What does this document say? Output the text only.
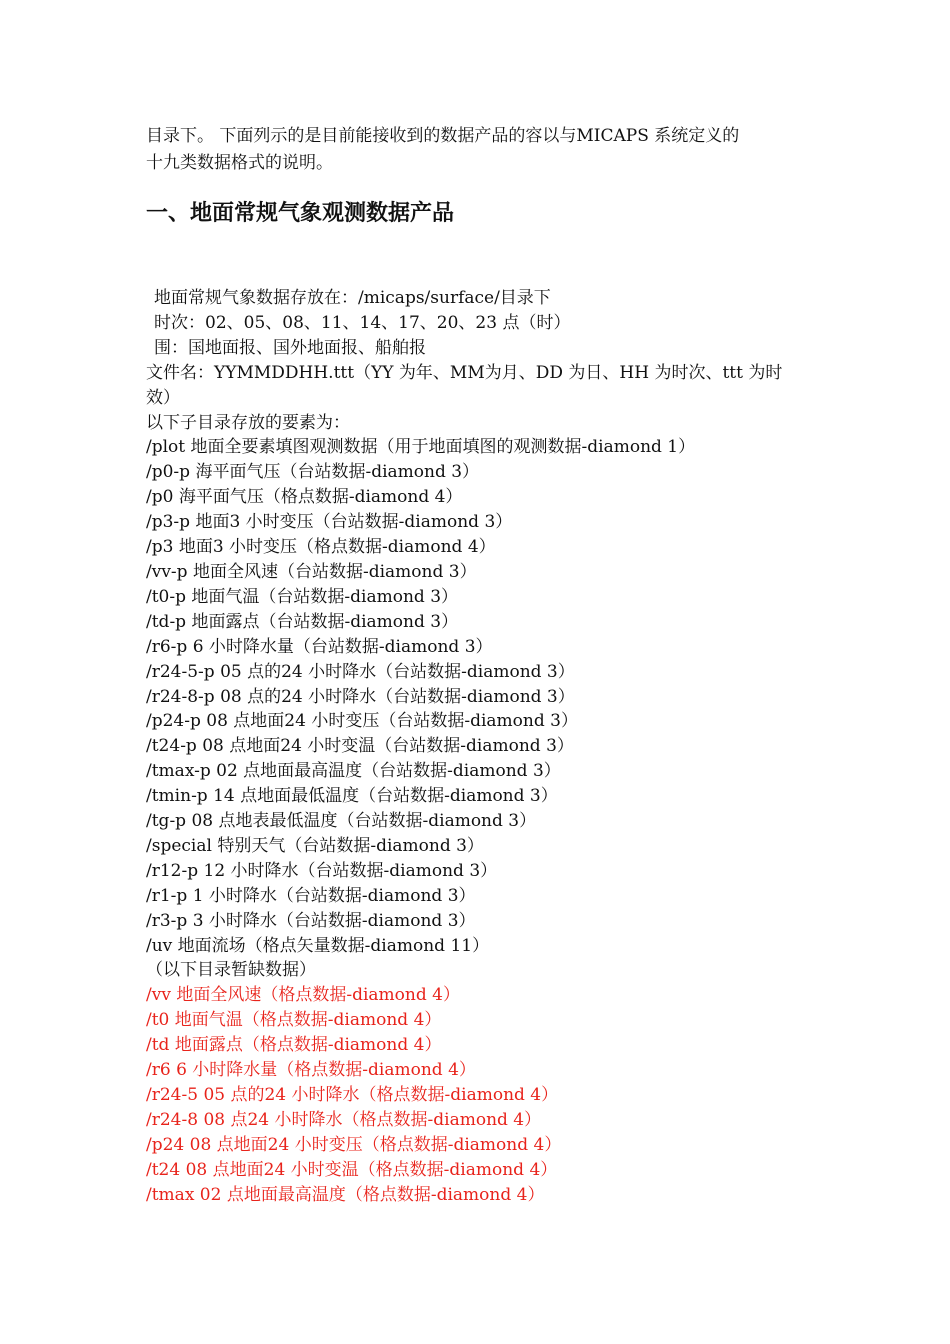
目录下。 下面列示的是目前能接收到的数据产品的容以与MICAPS 系统定义的

十九类数据格式的说明。

一、地面常规气象观测数据产品

地面常规气象数据存放在：/micaps/surface/目录下

时次：02、05、08、11、14、17、20、23 点（时）

围：国地面报、国外地面报、船舶报

文件名：YYMMDDHH.ttt（YY 为年、MM为月、DD 为日、HH 为时次、ttt 为时

效）

以下子目录存放的要素为：

/plot 地面全要素填图观测数据（用于地面填图的观测数据-diamond 1）
/p0-p 海平面气压（台站数据-diamond 3）
/p0 海平面气压（格点数据-diamond 4）
/p3-p 地面3 小时变压（台站数据-diamond 3）
/p3 地面3 小时变压（格点数据-diamond 4）
/vv-p 地面全风速（台站数据-diamond 3）
/t0-p 地面气温（台站数据-diamond 3）
/td-p 地面露点（台站数据-diamond 3）
/r6-p 6 小时降水量（台站数据-diamond 3）
/r24-5-p 05 点的24 小时降水（台站数据-diamond 3）
/r24-8-p 08 点的24 小时降水（台站数据-diamond 3）
/p24-p 08 点地面24 小时变压（台站数据-diamond 3）
/t24-p 08 点地面24 小时变温（台站数据-diamond 3）
/tmax-p 02 点地面最高温度（台站数据-diamond 3）
/tmin-p 14 点地面最低温度（台站数据-diamond 3）
/tg-p 08 点地表最低温度（台站数据-diamond 3）
/special 特别天气（台站数据-diamond 3）
/r12-p 12 小时降水（台站数据-diamond 3）
/r1-p 1 小时降水（台站数据-diamond 3）
/r3-p 3 小时降水（台站数据-diamond 3）
/uv 地面流场（格点矢量数据-diamond 11）

（以下目录暂缺数据）

/vv 地面全风速（格点数据-diamond 4）
/t0 地面气温（格点数据-diamond 4）
/td 地面露点（格点数据-diamond 4）
/r6 6 小时降水量（格点数据-diamond 4）
/r24-5 05 点的24 小时降水（格点数据-diamond 4）
/r24-8 08 点24 小时降水（格点数据-diamond 4）
/p24 08 点地面24 小时变压（格点数据-diamond 4）
/t24 08 点地面24 小时变温（格点数据-diamond 4）
/tmax 02 点地面最高温度（格点数据-diamond 4）
